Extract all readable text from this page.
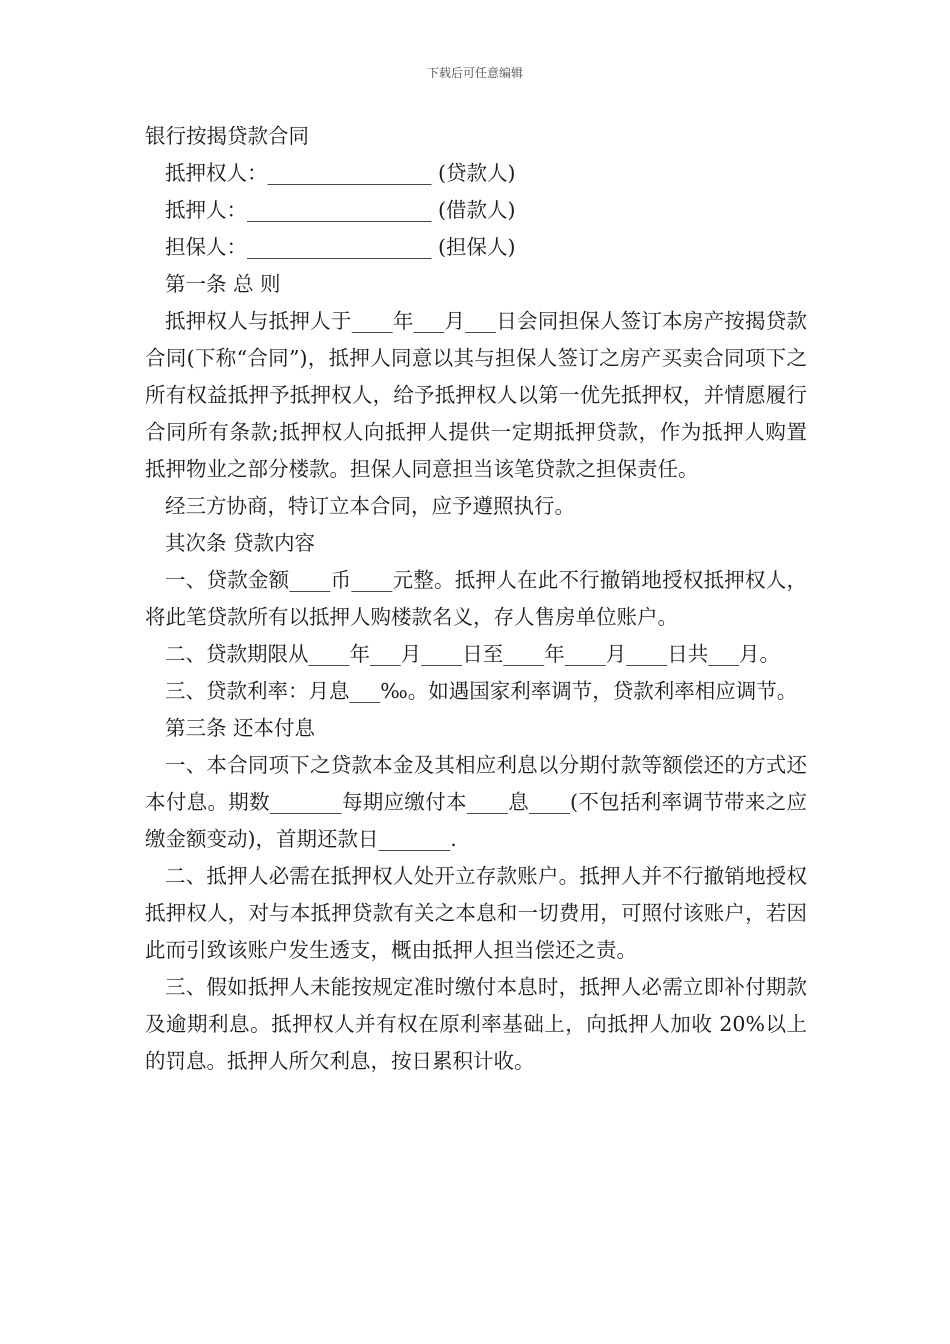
下载后可任意编辑
银行按揭贷款合同

抵押权人：________________ (贷款人)

抵押人：__________________ (借款人)

担保人：__________________ (担保人)

第一条 总 则

抵押权人与抵押人于____年___月___日会同担保人签订本房产按揭贷款合同(下称“合同”)，抵押人同意以其与担保人签订之房产买卖合同项下之所有权益抵押予抵押权人，给予抵押权人以第一优先抵押权，并情愿履行合同所有条款;抵押权人向抵押人提供一定期抵押贷款，作为抵押人购置抵押物业之部分楼款。担保人同意担当该笔贷款之担保责任。

经三方协商，特订立本合同，应予遵照执行。

其次条 贷款内容

一、贷款金额____币____元整。抵押人在此不行撤销地授权抵押权人，将此笔贷款所有以抵押人购楼款名义，存人售房单位账户。

二、贷款期限从____年___月____日至____年____月____日共___月。

三、贷款利率：月息___‰。如遇国家利率调节，贷款利率相应调节。

第三条 还本付息

一、本合同项下之贷款本金及其相应利息以分期付款等额偿还的方式还本付息。期数_______每期应缴付本____息____(不包括利率调节带来之应缴金额变动)，首期还款日_______.

二、抵押人必需在抵押权人处开立存款账户。抵押人并不行撤销地授权抵押权人，对与本抵押贷款有关之本息和一切费用，可照付该账户，若因此而引致该账户发生透支，概由抵押人担当偿还之责。

三、假如抵押人未能按规定准时缴付本息时，抵押人必需立即补付期款及逾期利息。抵押权人并有权在原利率基础上，向抵押人加收 20%以上的罚息。抵押人所欠利息，按日累积计收。
